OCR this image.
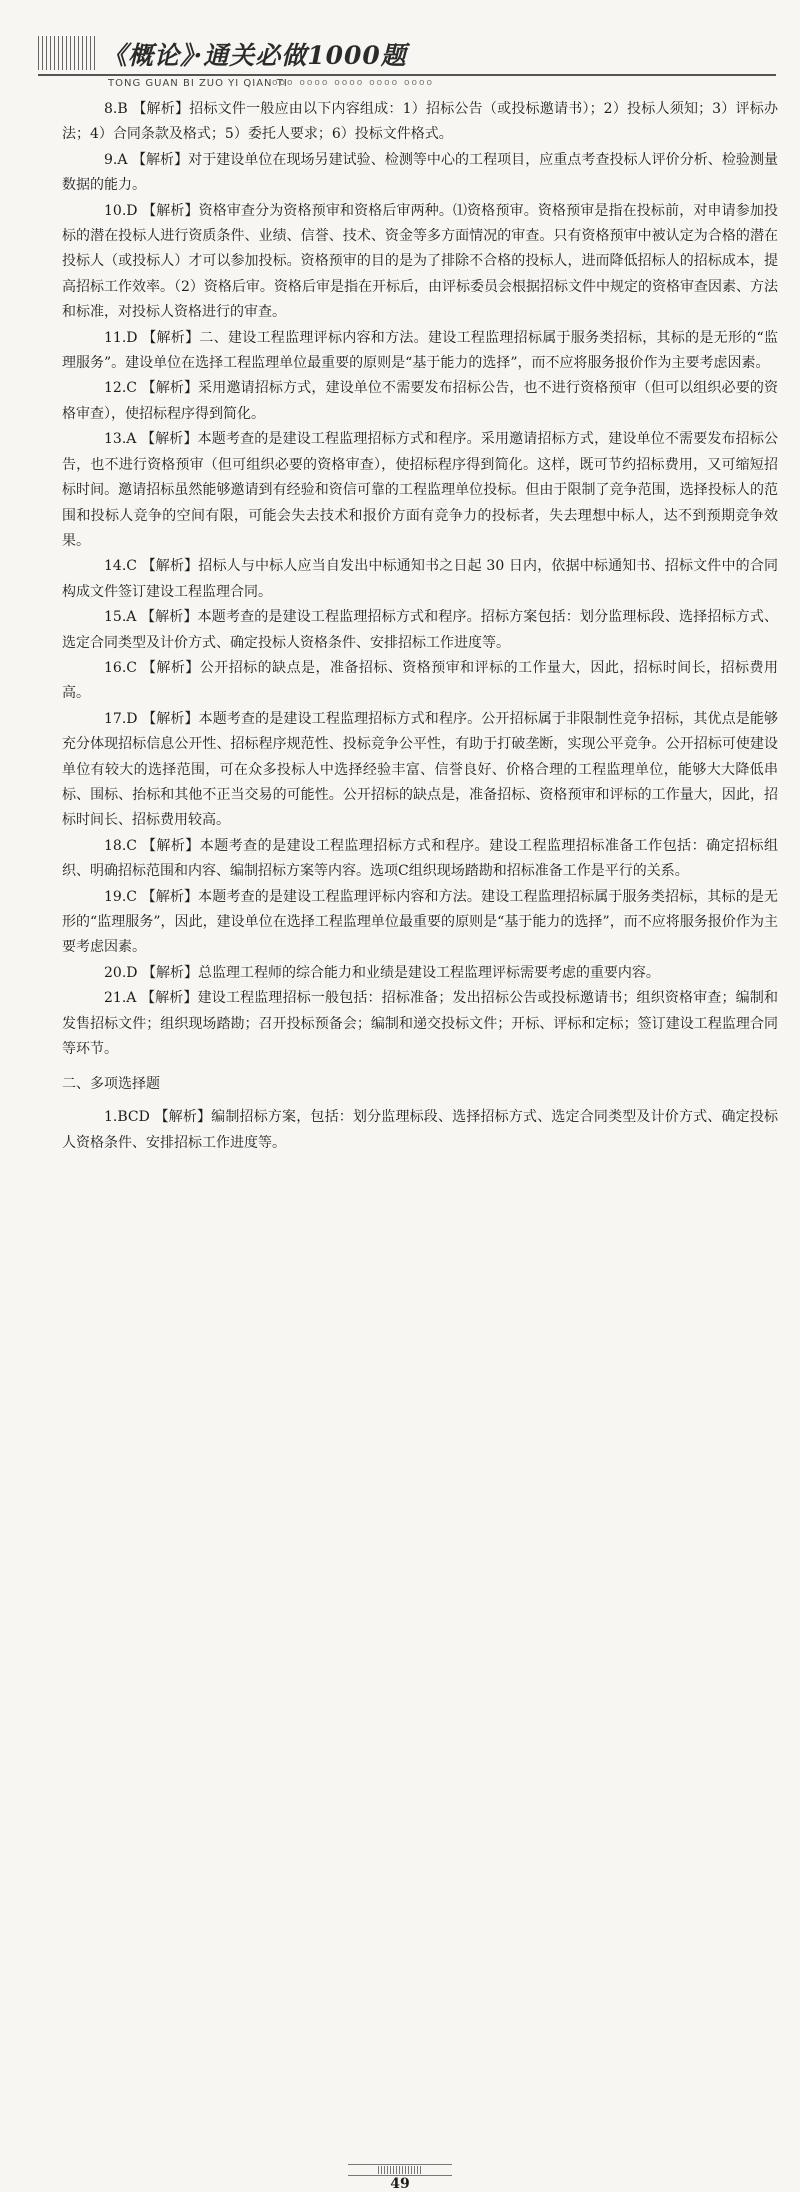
《概论》·通关必做1000题
TONG GUAN BI ZUO YI QIAN TI
ooo oooo oooo oooo oooo

8.B 【解析】招标文件一般应由以下内容组成：1）招标公告（或投标邀请书）；2）投标人须知；3）评标办法；4）合同条款及格式；5）委托人要求；6）投标文件格式。

9.A 【解析】对于建设单位在现场另建试验、检测等中心的工程项目，应重点考查投标人评价分析、检验测量数据的能力。

10.D 【解析】资格审查分为资格预审和资格后审两种。⑴资格预审。资格预审是指在投标前，对申请参加投标的潜在投标人进行资质条件、业绩、信誉、技术、资金等多方面情况的审查。只有资格预审中被认定为合格的潜在投标人（或投标人）才可以参加投标。资格预审的目的是为了排除不合格的投标人，进而降低招标人的招标成本，提高招标工作效率。（2）资格后审。资格后审是指在开标后，由评标委员会根据招标文件中规定的资格审查因素、方法和标准，对投标人资格进行的审查。

11.D 【解析】二、建设工程监理评标内容和方法。建设工程监理招标属于服务类招标，其标的是无形的“监理服务”。建设单位在选择工程监理单位最重要的原则是“基于能力的选择”，而不应将服务报价作为主要考虑因素。

12.C 【解析】采用邀请招标方式，建设单位不需要发布招标公告，也不进行资格预审（但可以组织必要的资格审查），使招标程序得到简化。

13.A 【解析】本题考查的是建设工程监理招标方式和程序。采用邀请招标方式，建设单位不需要发布招标公告，也不进行资格预审（但可组织必要的资格审查），使招标程序得到简化。这样，既可节约招标费用，又可缩短招标时间。邀请招标虽然能够邀请到有经验和资信可靠的工程监理单位投标。但由于限制了竞争范围，选择投标人的范围和投标人竞争的空间有限，可能会失去技术和报价方面有竞争力的投标者，失去理想中标人，达不到预期竞争效果。

14.C 【解析】招标人与中标人应当自发出中标通知书之日起 30 日内，依据中标通知书、招标文件中的合同构成文件签订建设工程监理合同。

15.A 【解析】本题考查的是建设工程监理招标方式和程序。招标方案包括：划分监理标段、选择招标方式、选定合同类型及计价方式、确定投标人资格条件、安排招标工作进度等。

16.C 【解析】公开招标的缺点是，准备招标、资格预审和评标的工作量大，因此，招标时间长，招标费用高。

17.D 【解析】本题考查的是建设工程监理招标方式和程序。公开招标属于非限制性竞争招标，其优点是能够充分体现招标信息公开性、招标程序规范性、投标竞争公平性，有助于打破垄断，实现公平竞争。公开招标可使建设单位有较大的选择范围，可在众多投标人中选择经验丰富、信誉良好、价格合理的工程监理单位，能够大大降低串标、围标、抬标和其他不正当交易的可能性。公开招标的缺点是，准备招标、资格预审和评标的工作量大，因此，招标时间长、招标费用较高。

18.C 【解析】本题考查的是建设工程监理招标方式和程序。建设工程监理招标准备工作包括：确定招标组织、明确招标范围和内容、编制招标方案等内容。选项C组织现场踏勘和招标准备工作是平行的关系。

19.C 【解析】本题考查的是建设工程监理评标内容和方法。建设工程监理招标属于服务类招标，其标的是无形的“监理服务”，因此，建设单位在选择工程监理单位最重要的原则是“基于能力的选择”，而不应将服务报价作为主要考虑因素。

20.D 【解析】总监理工程师的综合能力和业绩是建设工程监理评标需要考虑的重要内容。

21.A 【解析】建设工程监理招标一般包括：招标准备；发出招标公告或投标邀请书；组织资格审查；编制和发售招标文件；组织现场踏勘；召开投标预备会；编制和递交投标文件；开标、评标和定标；签订建设工程监理合同等环节。

二、多项选择题

1.BCD 【解析】编制招标方案，包括：划分监理标段、选择招标方式、选定合同类型及计价方式、确定投标人资格条件、安排招标工作进度等。

49
